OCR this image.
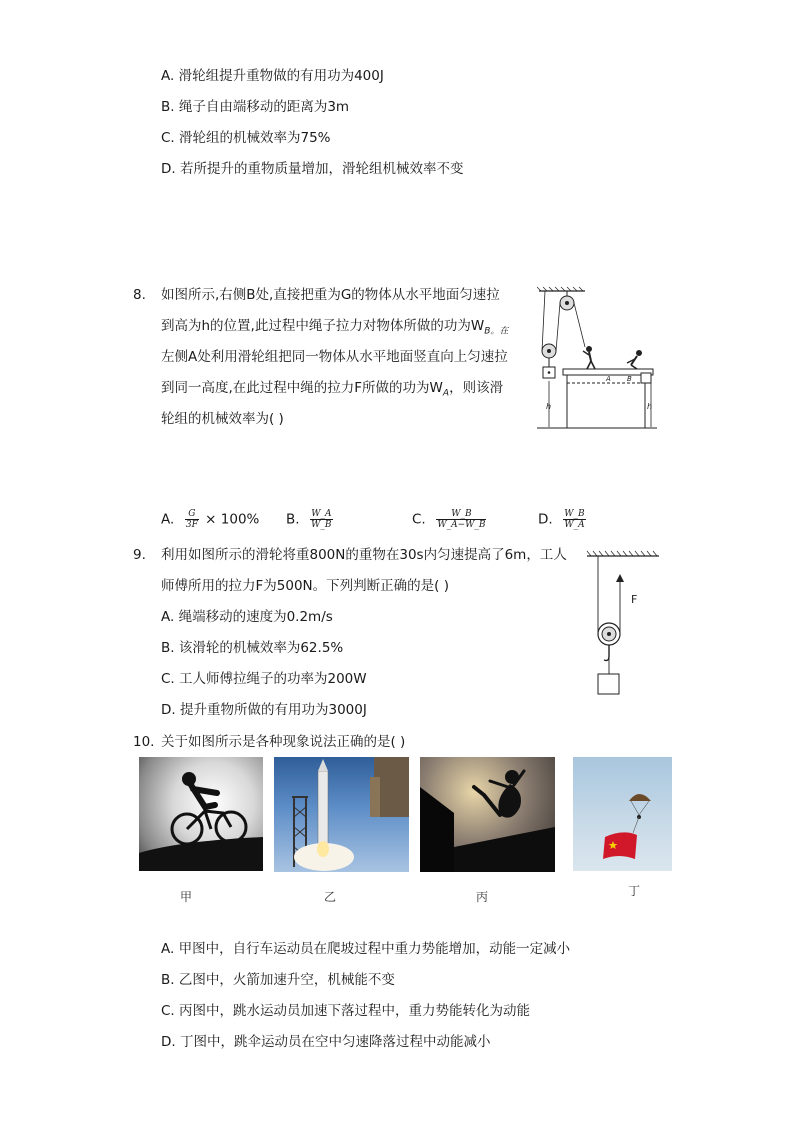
A. 滑轮组提升重物做的有用功为400J
B. 绳子自由端移动的距离为3m
C. 滑轮组的机械效率为75%
D. 若所提升的重物质量增加，滑轮组机械效率不变
8. 如图所示,右侧B处,直接把重为G的物体从水平地面匀速拉
到高为h的位置,此过程中绳子拉力对物体所做的功为$W_{B。在}$
左侧A处利用滑轮组把同一物体从水平地面竖直向上匀速拉
到同一高度,在此过程中绳的拉力F所做的功为$W_A$，则该滑
轮组的机械效率为( )
A B
h	h
A. $\frac{G}{3F} \times 100\%$ B. $\frac{W\_A}{W\_B}$	C. $\frac{W\_B}{W\_A-W\_B}$	D. $\frac{W\_B}{W\_A}$
9. 利用如图所示的滑轮将重800N的重物在30s内匀速提高了6m，工人
师傅所用的拉力F为500N。下列判断正确的是( )
A. 绳端移动的速度为0.2m/s
B. 该滑轮的机械效率为62.5%
C. 工人师傅拉绳子的功率为200W
D. 提升重物所做的有用功为3000J
F
10. 关于如图所示是各种现象说法正确的是( )
甲	乙	丙	丁
A. 甲图中，自行车运动员在爬坡过程中重力势能增加，动能一定减小
B. 乙图中，火箭加速升空，机械能不变
C. 丙图中，跳水运动员加速下落过程中，重力势能转化为动能
D. 丁图中，跳伞运动员在空中匀速降落过程中动能减小
